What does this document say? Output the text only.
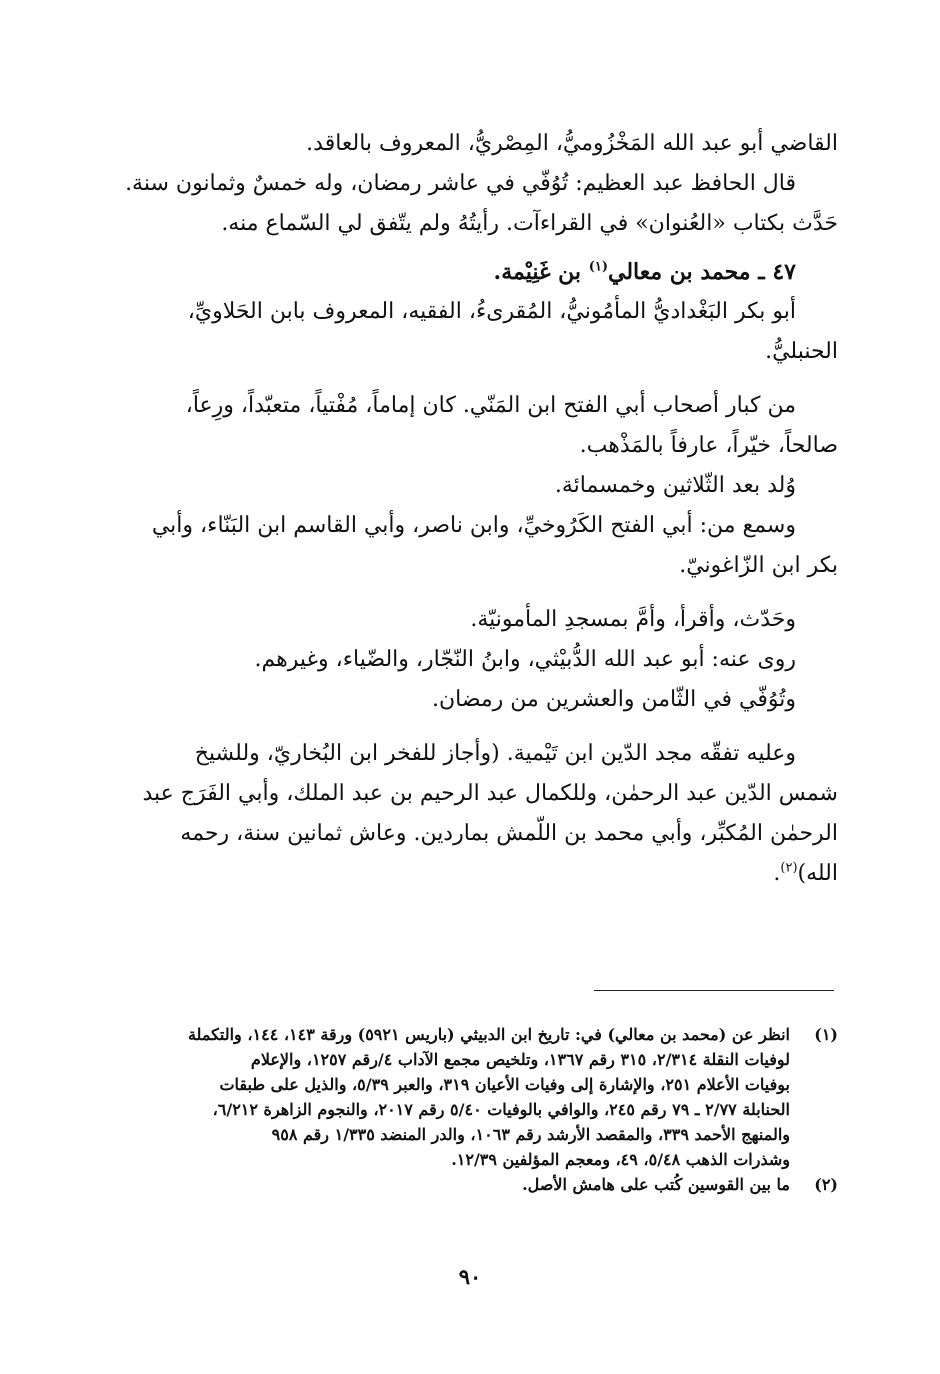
القاضي أبو عبد الله المَخْزُوميُّ، المِصْريُّ، المعروف بالعاقد.

قال الحافظ عبد العظيم: تُوُفّي في عاشر رمضان، وله خمسٌ وثمانون سنة.

حَدَّث بكتاب «العُنوان» في القراءآت. رأيتُهُ ولم يتّفق لي السّماع منه.

٤٧ ـ محمد بن معالي$^{(١)}$ بن غَنِيْمة.

أبو بكر البَغْداديُّ المأمُونيُّ، المُقرىءُ، الفقيه، المعروف بابن الحَلاويِّ،

الحنبليُّ.

من كبار أصحاب أبي الفتح ابن المَنّي. كان إماماً، مُفْتياً، متعبّداً، ورِعاً،

صالحاً، خيّراً، عارفاً بالمَذْهب.

وُلد بعد الثّلاثين وخمسمائة.

وسمع من: أبي الفتح الكَرُوخيِّ، وابن ناصر، وأبي القاسم ابن البَنّاء، وأبي

بكر ابن الزّاغونيّ.

وحَدّث، وأقرأ، وأمَّ بمسجدِ المأمونيّة.

روى عنه: أبو عبد الله الدُّبيْثي، وابنُ النّجّار، والضّياء، وغيرهم.

وتُوُفّي في الثّامن والعشرين من رمضان.

وعليه تفقّه مجد الدّين ابن تَيْمية. (وأجاز للفخر ابن البُخاريّ، وللشيخ

شمس الدّين عبد الرحمٰن، وللكمال عبد الرحيم بن عبد الملك، وأبي الفَرَج عبد

الرحمٰن المُكبِّر، وأبي محمد بن اللّمش بماردين. وعاش ثمانين سنة، رحمه

الله)$^{(٢)}$.

(١)
انظر عن (محمد بن معالي) في: تاريخ ابن الدبيثي (باريس ٥٩٢١) ورقة ١٤٣، ١٤٤، والتكملة
لوفيات النقلة ٢/٣١٤، ٣١٥ رقم ١٣٦٧، وتلخيص مجمع الآداب ٤/رقم ١٢٥٧، والإعلام
بوفيات الأعلام ٢٥١، والإشارة إلى وفيات الأعيان ٣١٩، والعبر ٥/٣٩، والذيل على طبقات
الحنابلة ٢/٧٧ ـ ٧٩ رقم ٢٤٥، والوافي بالوفيات ٥/٤٠ رقم ٢٠١٧، والنجوم الزاهرة ٦/٢١٢،
والمنهج الأحمد ٣٣٩، والمقصد الأرشد رقم ١٠٦٣، والدر المنضد ١/٣٣٥ رقم ٩٥٨
وشذرات الذهب ٥/٤٨، ٤٩، ومعجم المؤلفين ١٢/٣٩.
(٢)
ما بين القوسين كُتب على هامش الأصل.
٩٠
